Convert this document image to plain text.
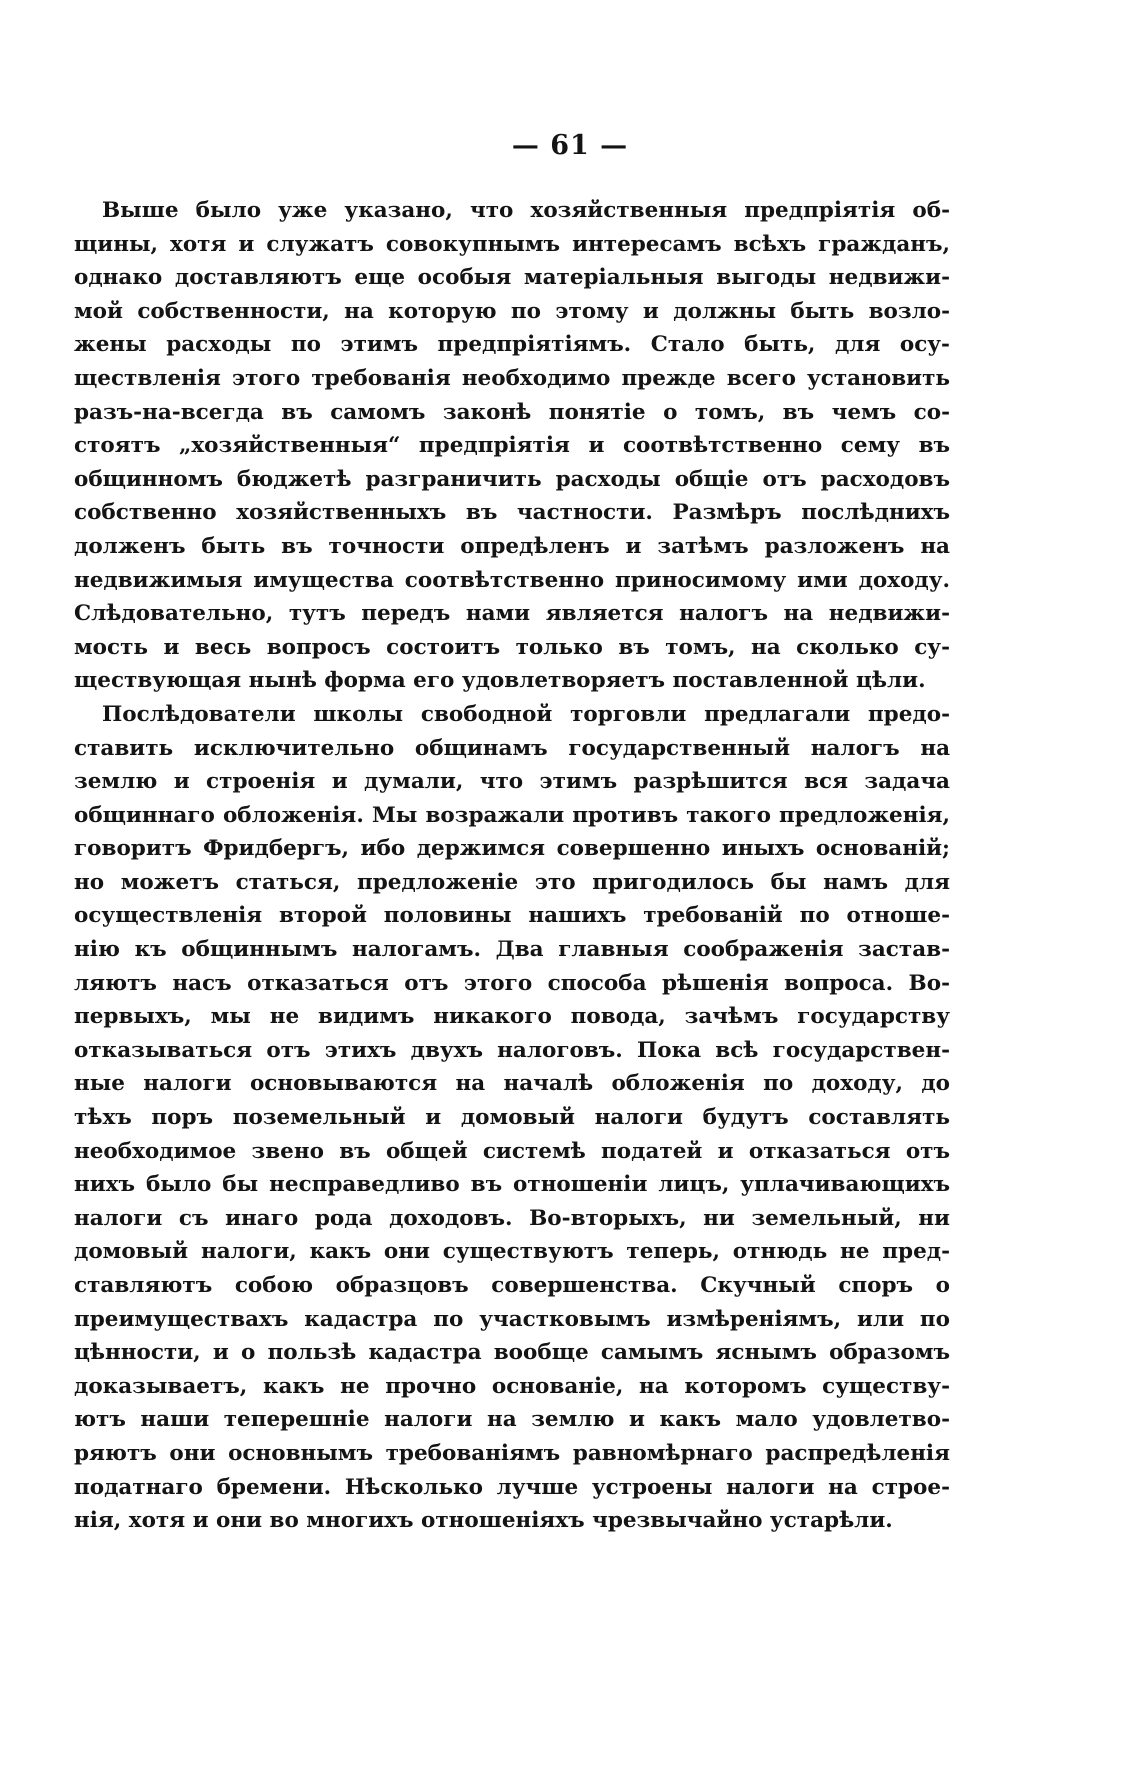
— 61 —
Выше было уже указано, что хозяйственныя предпріятія об-
щины, хотя и служатъ совокупнымъ интересамъ всѣхъ гражданъ,
однако доставляютъ еще особыя матеріальныя выгоды недвижи-
мой собственности, на которую по этому и должны быть возло-
жены расходы по этимъ предпріятіямъ. Стало быть, для осу-
ществленія этого требованія необходимо прежде всего установить
разъ-на-всегда въ самомъ законѣ понятіе о томъ, въ чемъ со-
стоятъ „хозяйственныя“ предпріятія и соотвѣтственно сему въ
общинномъ бюджетѣ разграничить расходы общіе отъ расходовъ
собственно хозяйственныхъ въ частности. Размѣръ послѣднихъ
долженъ быть въ точности опредѣленъ и затѣмъ разложенъ на
недвижимыя имущества соотвѣтственно приносимому ими доходу.
Слѣдовательно, тутъ передъ нами является налогъ на недвижи-
мость и весь вопросъ состоитъ только въ томъ, на сколько су-
ществующая нынѣ форма его удовлетворяетъ поставленной цѣли.
Послѣдователи школы свободной торговли предлагали предо-
ставить исключительно общинамъ государственный налогъ на
землю и строенія и думали, что этимъ разрѣшится вся задача
общиннаго обложенія. Мы возражали противъ такого предложенія,
говоритъ Фридбергъ, ибо держимся совершенно иныхъ основаній;
но можетъ статься, предложеніе это пригодилось бы намъ для
осуществленія второй половины нашихъ требованій по отноше-
нію къ общиннымъ налогамъ. Два главныя соображенія застав-
ляютъ насъ отказаться отъ этого способа рѣшенія вопроса. Во-
первыхъ, мы не видимъ никакого повода, зачѣмъ государству
отказываться отъ этихъ двухъ налоговъ. Пока всѣ государствен-
ные налоги основываются на началѣ обложенія по доходу, до
тѣхъ поръ поземельный и домовый налоги будутъ составлять
необходимое звено въ общей системѣ податей и отказаться отъ
нихъ было бы несправедливо въ отношеніи лицъ, уплачивающихъ
налоги съ инаго рода доходовъ. Во-вторыхъ, ни земельный, ни
домовый налоги, какъ они существуютъ теперь, отнюдь не пред-
ставляютъ собою образцовъ совершенства. Скучный споръ о
преимуществахъ кадастра по участковымъ измѣреніямъ, или по
цѣнности, и о пользѣ кадастра вообще самымъ яснымъ образомъ
доказываетъ, какъ не прочно основаніе, на которомъ существу-
ютъ наши теперешніе налоги на землю и какъ мало удовлетво-
ряютъ они основнымъ требованіямъ равномѣрнаго распредѣленія
податнаго бремени. Нѣсколько лучше устроены налоги на строе-
нія, хотя и они во многихъ отношеніяхъ чрезвычайно устарѣли.
